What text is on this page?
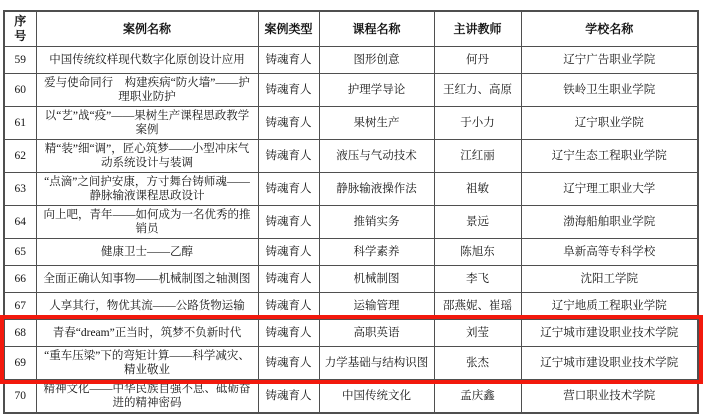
序号	案例名称	案例类型	课程名称	主讲教师	学校名称
59	中国传统纹样现代数字化原创设计应用	铸魂育人	图形创意	何丹	辽宁广告职业学院
60	爱与使命同行　构建疾病“防火墙”——护理职业防护	铸魂育人	护理学导论	王红力、高原	铁岭卫生职业学院
61	以“艺”战“疫”——果树生产课程思政教学案例	铸魂育人	果树生产	于小力	辽宁职业学院
62	精“装”细“调”，匠心筑梦——小型冲床气动系统设计与装调	铸魂育人	液压与气动技术	江红丽	辽宁生态工程职业学院
63	“点滴”之间护安康，方寸舞台铸师魂——静脉输液课程思政设计	铸魂育人	静脉输液操作法	祖敏	辽宁理工职业大学
64	向上吧，青年——如何成为一名优秀的推销员	铸魂育人	推销实务	景远	渤海船舶职业学院
65	健康卫士——乙醇	铸魂育人	科学素养	陈旭东	阜新高等专科学校
66	全面正确认知事物——机械制图之轴测图	铸魂育人	机械制图	李飞	沈阳工学院
67	人享其行，物优其流——公路货物运输	铸魂育人	运输管理	邵燕妮、崔瑶	辽宁地质工程职业学院
68	青春“dream”正当时，筑梦不负新时代	铸魂育人	高职英语	刘莹	辽宁城市建设职业技术学院
69	“重车压梁”下的弯矩计算——科学减灾、精业敬业	铸魂育人	力学基础与结构识图	张杰	辽宁城市建设职业技术学院
70	精神文化——中华民族自强不息、砥砺奋进的精神密码	铸魂育人	中国传统文化	孟庆鑫	营口职业技术学院
